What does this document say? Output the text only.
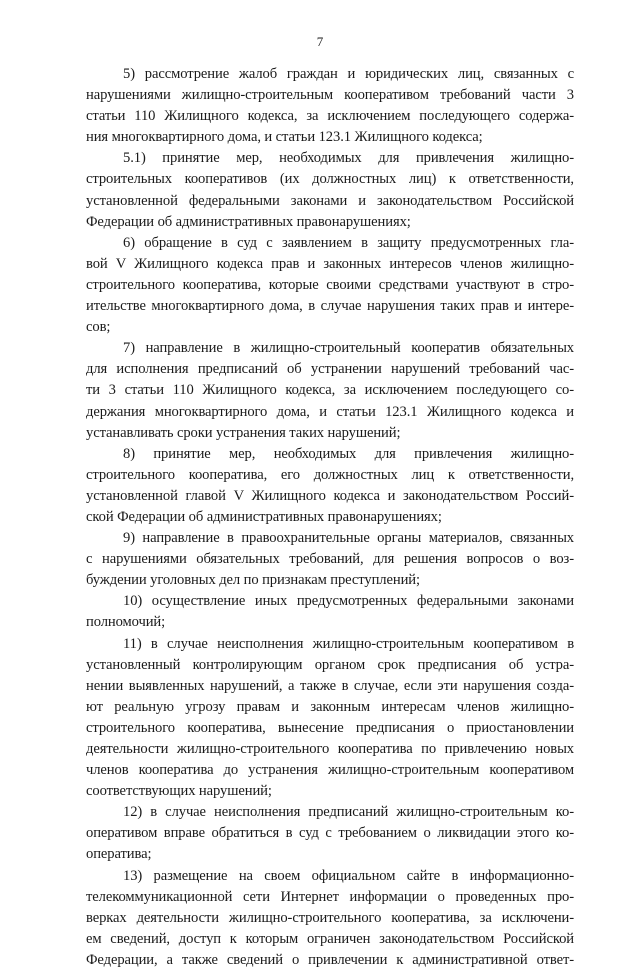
7
5) рассмотрение жалоб граждан и юридических лиц, связанных с
нарушениями жилищно-строительным кооперативом требований части 3
статьи 110 Жилищного кодекса, за исключением последующего содержа-
ния многоквартирного дома, и статьи 123.1 Жилищного кодекса;
5.1) принятие мер, необходимых для привлечения жилищно-
строительных кооперативов (их должностных лиц) к ответственности,
установленной федеральными законами и законодательством Российской
Федерации об административных правонарушениях;
6) обращение в суд с заявлением в защиту предусмотренных гла-
вой V Жилищного кодекса прав и законных интересов членов жилищно-
строительного кооператива, которые своими средствами участвуют в стро-
ительстве многоквартирного дома, в случае нарушения таких прав и интере-
сов;
7) направление в жилищно-строительный кооператив обязательных
для исполнения предписаний об устранении нарушений требований час-
ти 3 статьи 110 Жилищного кодекса, за исключением последующего со-
держания многоквартирного дома, и статьи 123.1 Жилищного кодекса и
устанавливать сроки устранения таких нарушений;
8) принятие мер, необходимых для привлечения жилищно-
строительного кооператива, его должностных лиц к ответственности,
установленной главой V Жилищного кодекса и законодательством Россий-
ской Федерации об административных правонарушениях;
9) направление в правоохранительные органы материалов, связанных
с нарушениями обязательных требований, для решения вопросов о воз-
буждении уголовных дел по признакам преступлений;
10) осуществление иных предусмотренных федеральными законами
полномочий;
11) в случае неисполнения жилищно-строительным кооперативом в
установленный контролирующим органом срок предписания об устра-
нении выявленных нарушений, а также в случае, если эти нарушения созда-
ют реальную угрозу правам и законным интересам членов жилищно-
строительного кооператива, вынесение предписания о приостановлении
деятельности жилищно-строительного кооператива по привлечению новых
членов кооператива до устранения жилищно-строительным кооперативом
соответствующих нарушений;
12) в случае неисполнения предписаний жилищно-строительным ко-
оперативом вправе обратиться в суд с требованием о ликвидации этого ко-
оператива;
13) размещение на своем официальном сайте в информационно-
телекоммуникационной сети Интернет информации о проведенных про-
верках деятельности жилищно-строительного кооператива, за исключени-
ем сведений, доступ к которым ограничен законодательством Российской
Федерации, а также сведений о привлечении к административной ответ-
